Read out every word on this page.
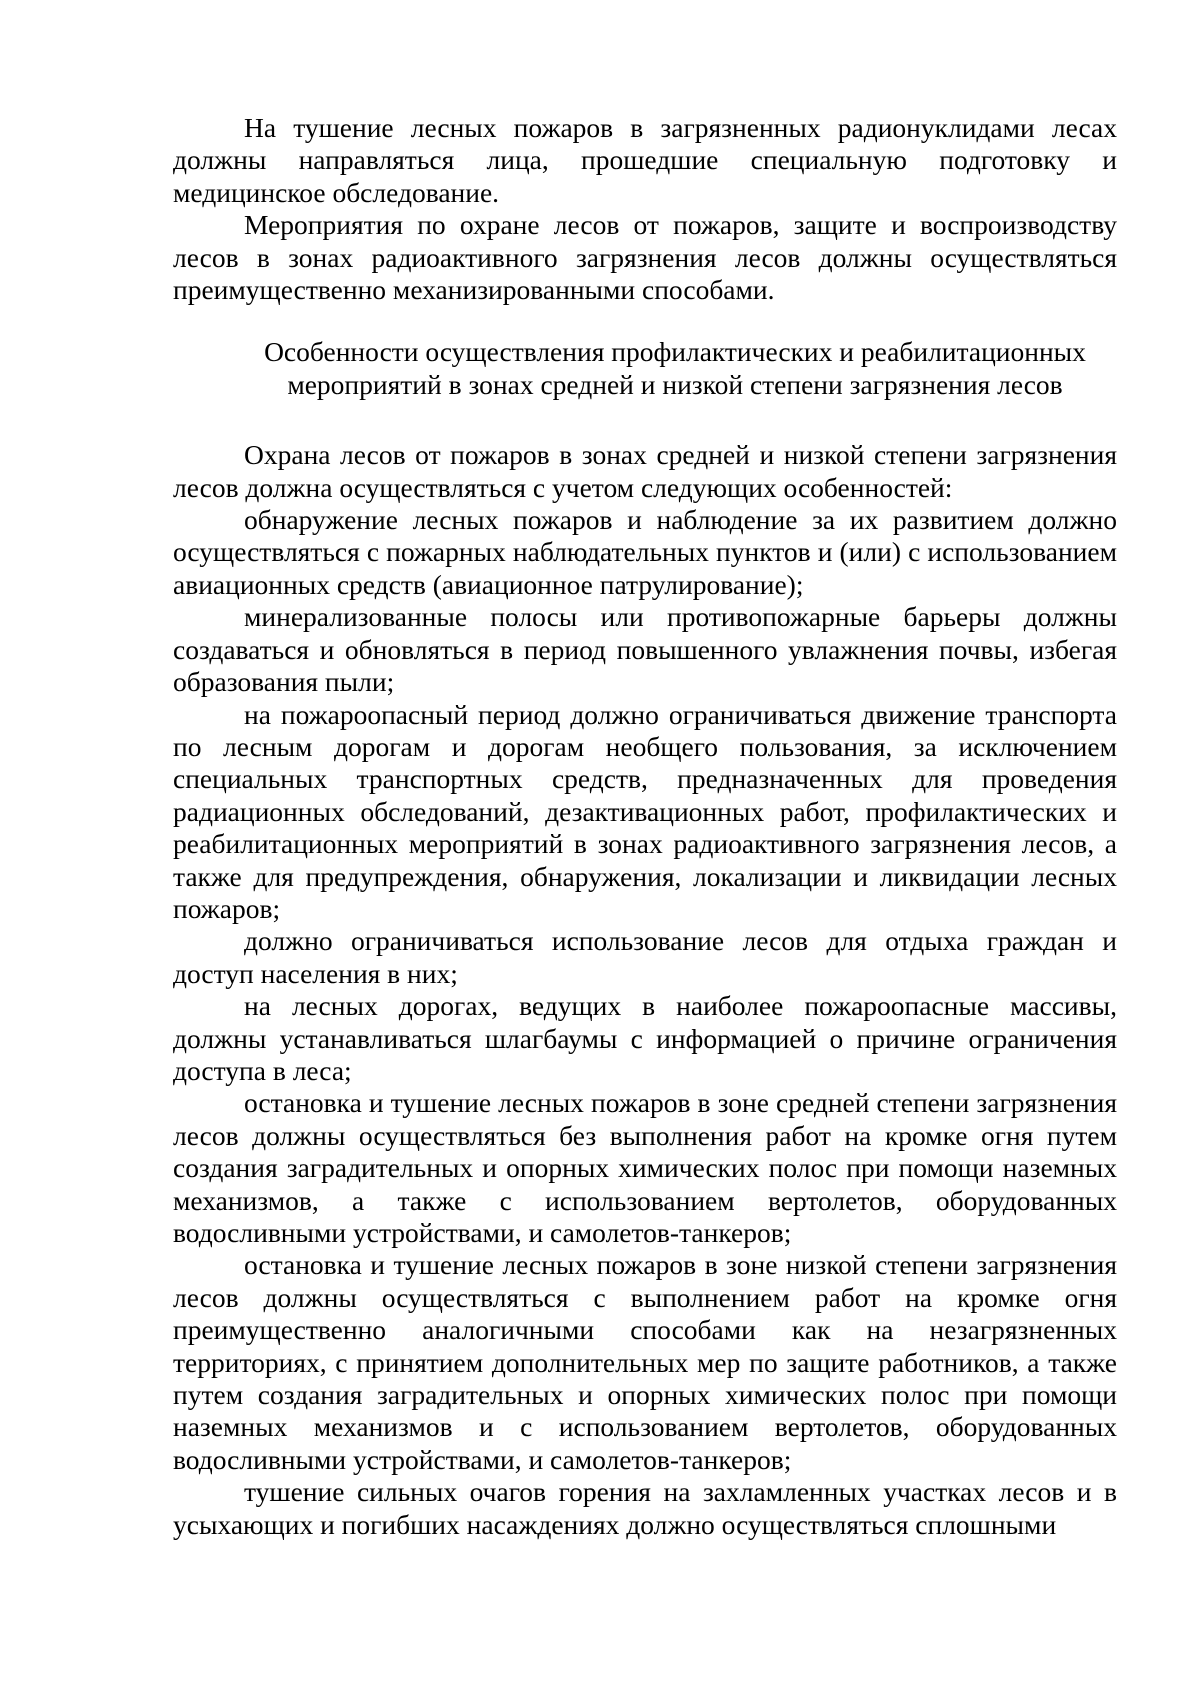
На тушение лесных пожаров в загрязненных радионуклидами лесах должны направляться лица, прошедшие специальную подготовку и медицинское обследование.

Мероприятия по охране лесов от пожаров, защите и воспроизводству лесов в зонах радиоактивного загрязнения лесов должны осуществляться преимущественно механизированными способами.

Особенности осуществления профилактических и реабилитационных
мероприятий в зонах средней и низкой степени загрязнения лесов

Охрана лесов от пожаров в зонах средней и низкой степени загрязнения лесов должна осуществляться с учетом следующих особенностей:

обнаружение лесных пожаров и наблюдение за их развитием должно осуществляться с пожарных наблюдательных пунктов и (или) с использованием авиационных средств (авиационное патрулирование);

минерализованные полосы или противопожарные барьеры должны создаваться и обновляться в период повышенного увлажнения почвы, избегая образования пыли;

на пожароопасный период должно ограничиваться движение транспорта по лесным дорогам и дорогам необщего пользования, за исключением специальных транспортных средств, предназначенных для проведения радиационных обследований, дезактивационных работ, профилактических и реабилитационных мероприятий в зонах радиоактивного загрязнения лесов, а также для предупреждения, обнаружения, локализации и ликвидации лесных пожаров;

должно ограничиваться использование лесов для отдыха граждан и доступ населения в них;

на лесных дорогах, ведущих в наиболее пожароопасные массивы, должны устанавливаться шлагбаумы с информацией о причине ограничения доступа в леса;

остановка и тушение лесных пожаров в зоне средней степени загрязнения лесов должны осуществляться без выполнения работ на кромке огня путем создания заградительных и опорных химических полос при помощи наземных механизмов, а также с использованием вертолетов, оборудованных водосливными устройствами, и самолетов-танкеров;

остановка и тушение лесных пожаров в зоне низкой степени загрязнения лесов должны осуществляться с выполнением работ на кромке огня преимущественно аналогичными способами как на незагрязненных территориях, с принятием дополнительных мер по защите работников, а также путем создания заградительных и опорных химических полос при помощи наземных механизмов и с использованием вертолетов, оборудованных водосливными устройствами, и самолетов-танкеров;

тушение сильных очагов горения на захламленных участках лесов и в усыхающих и погибших насаждениях должно осуществляться сплошными
